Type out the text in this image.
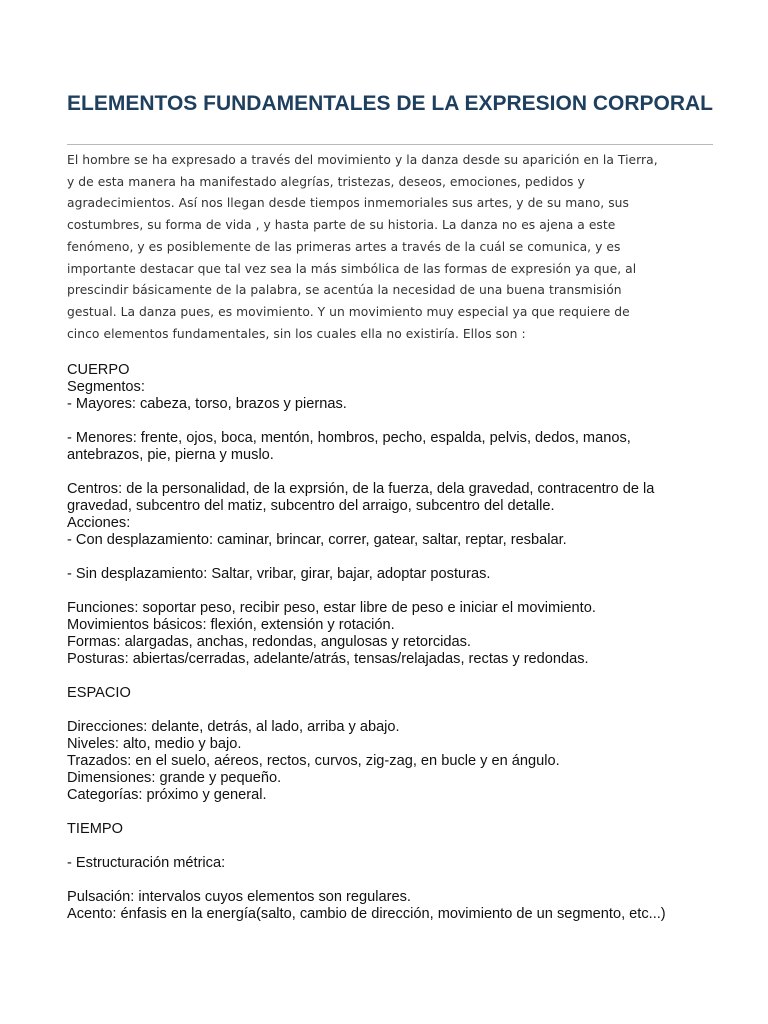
ELEMENTOS FUNDAMENTALES DE LA EXPRESION CORPORAL

El hombre se ha expresado a través del movimiento y la danza desde su aparición en la Tierra,
y de esta manera ha manifestado alegrías, tristezas, deseos, emociones, pedidos y
agradecimientos. Así nos llegan desde tiempos inmemoriales sus artes, y de su mano, sus
costumbres, su forma de vida , y hasta parte de su historia. La danza no es ajena a este
fenómeno, y es posiblemente de las primeras artes a través de la cuál se comunica, y es
importante destacar que tal vez sea la más simbólica de las formas de expresión ya que, al
prescindir básicamente de la palabra, se acentúa la necesidad de una buena transmisión
gestual. La danza pues, es movimiento. Y un movimiento muy especial ya que requiere de
cinco elementos fundamentales, sin los cuales ella no existiría. Ellos son :

CUERPO
Segmentos:
- Mayores: cabeza, torso, brazos y piernas.
- Menores: frente, ojos, boca, mentón, hombros, pecho, espalda, pelvis, dedos, manos,
antebrazos, pie, pierna y muslo.
Centros: de la personalidad, de la exprsión, de la fuerza, dela gravedad, contracentro de la
gravedad, subcentro del matiz, subcentro del arraigo, subcentro del detalle.
Acciones:
- Con desplazamiento: caminar, brincar, correr, gatear, saltar, reptar, resbalar.
- Sin desplazamiento: Saltar, vribar, girar, bajar, adoptar posturas.
Funciones: soportar peso, recibir peso, estar libre de peso e iniciar el movimiento.
Movimientos básicos: flexión, extensión y rotación.
Formas: alargadas, anchas, redondas, angulosas y retorcidas.
Posturas: abiertas/cerradas, adelante/atrás, tensas/relajadas, rectas y redondas.
ESPACIO
Direcciones: delante, detrás, al lado, arriba y abajo.
Niveles: alto, medio y bajo.
Trazados: en el suelo, aéreos, rectos, curvos, zig-zag, en bucle y en ángulo.
Dimensiones: grande y pequeño.
Categorías: próximo y general.
TIEMPO
- Estructuración métrica:
Pulsación: intervalos cuyos elementos son regulares.
Acento: énfasis en la energía(salto, cambio de dirección, movimiento de un segmento, etc...)
